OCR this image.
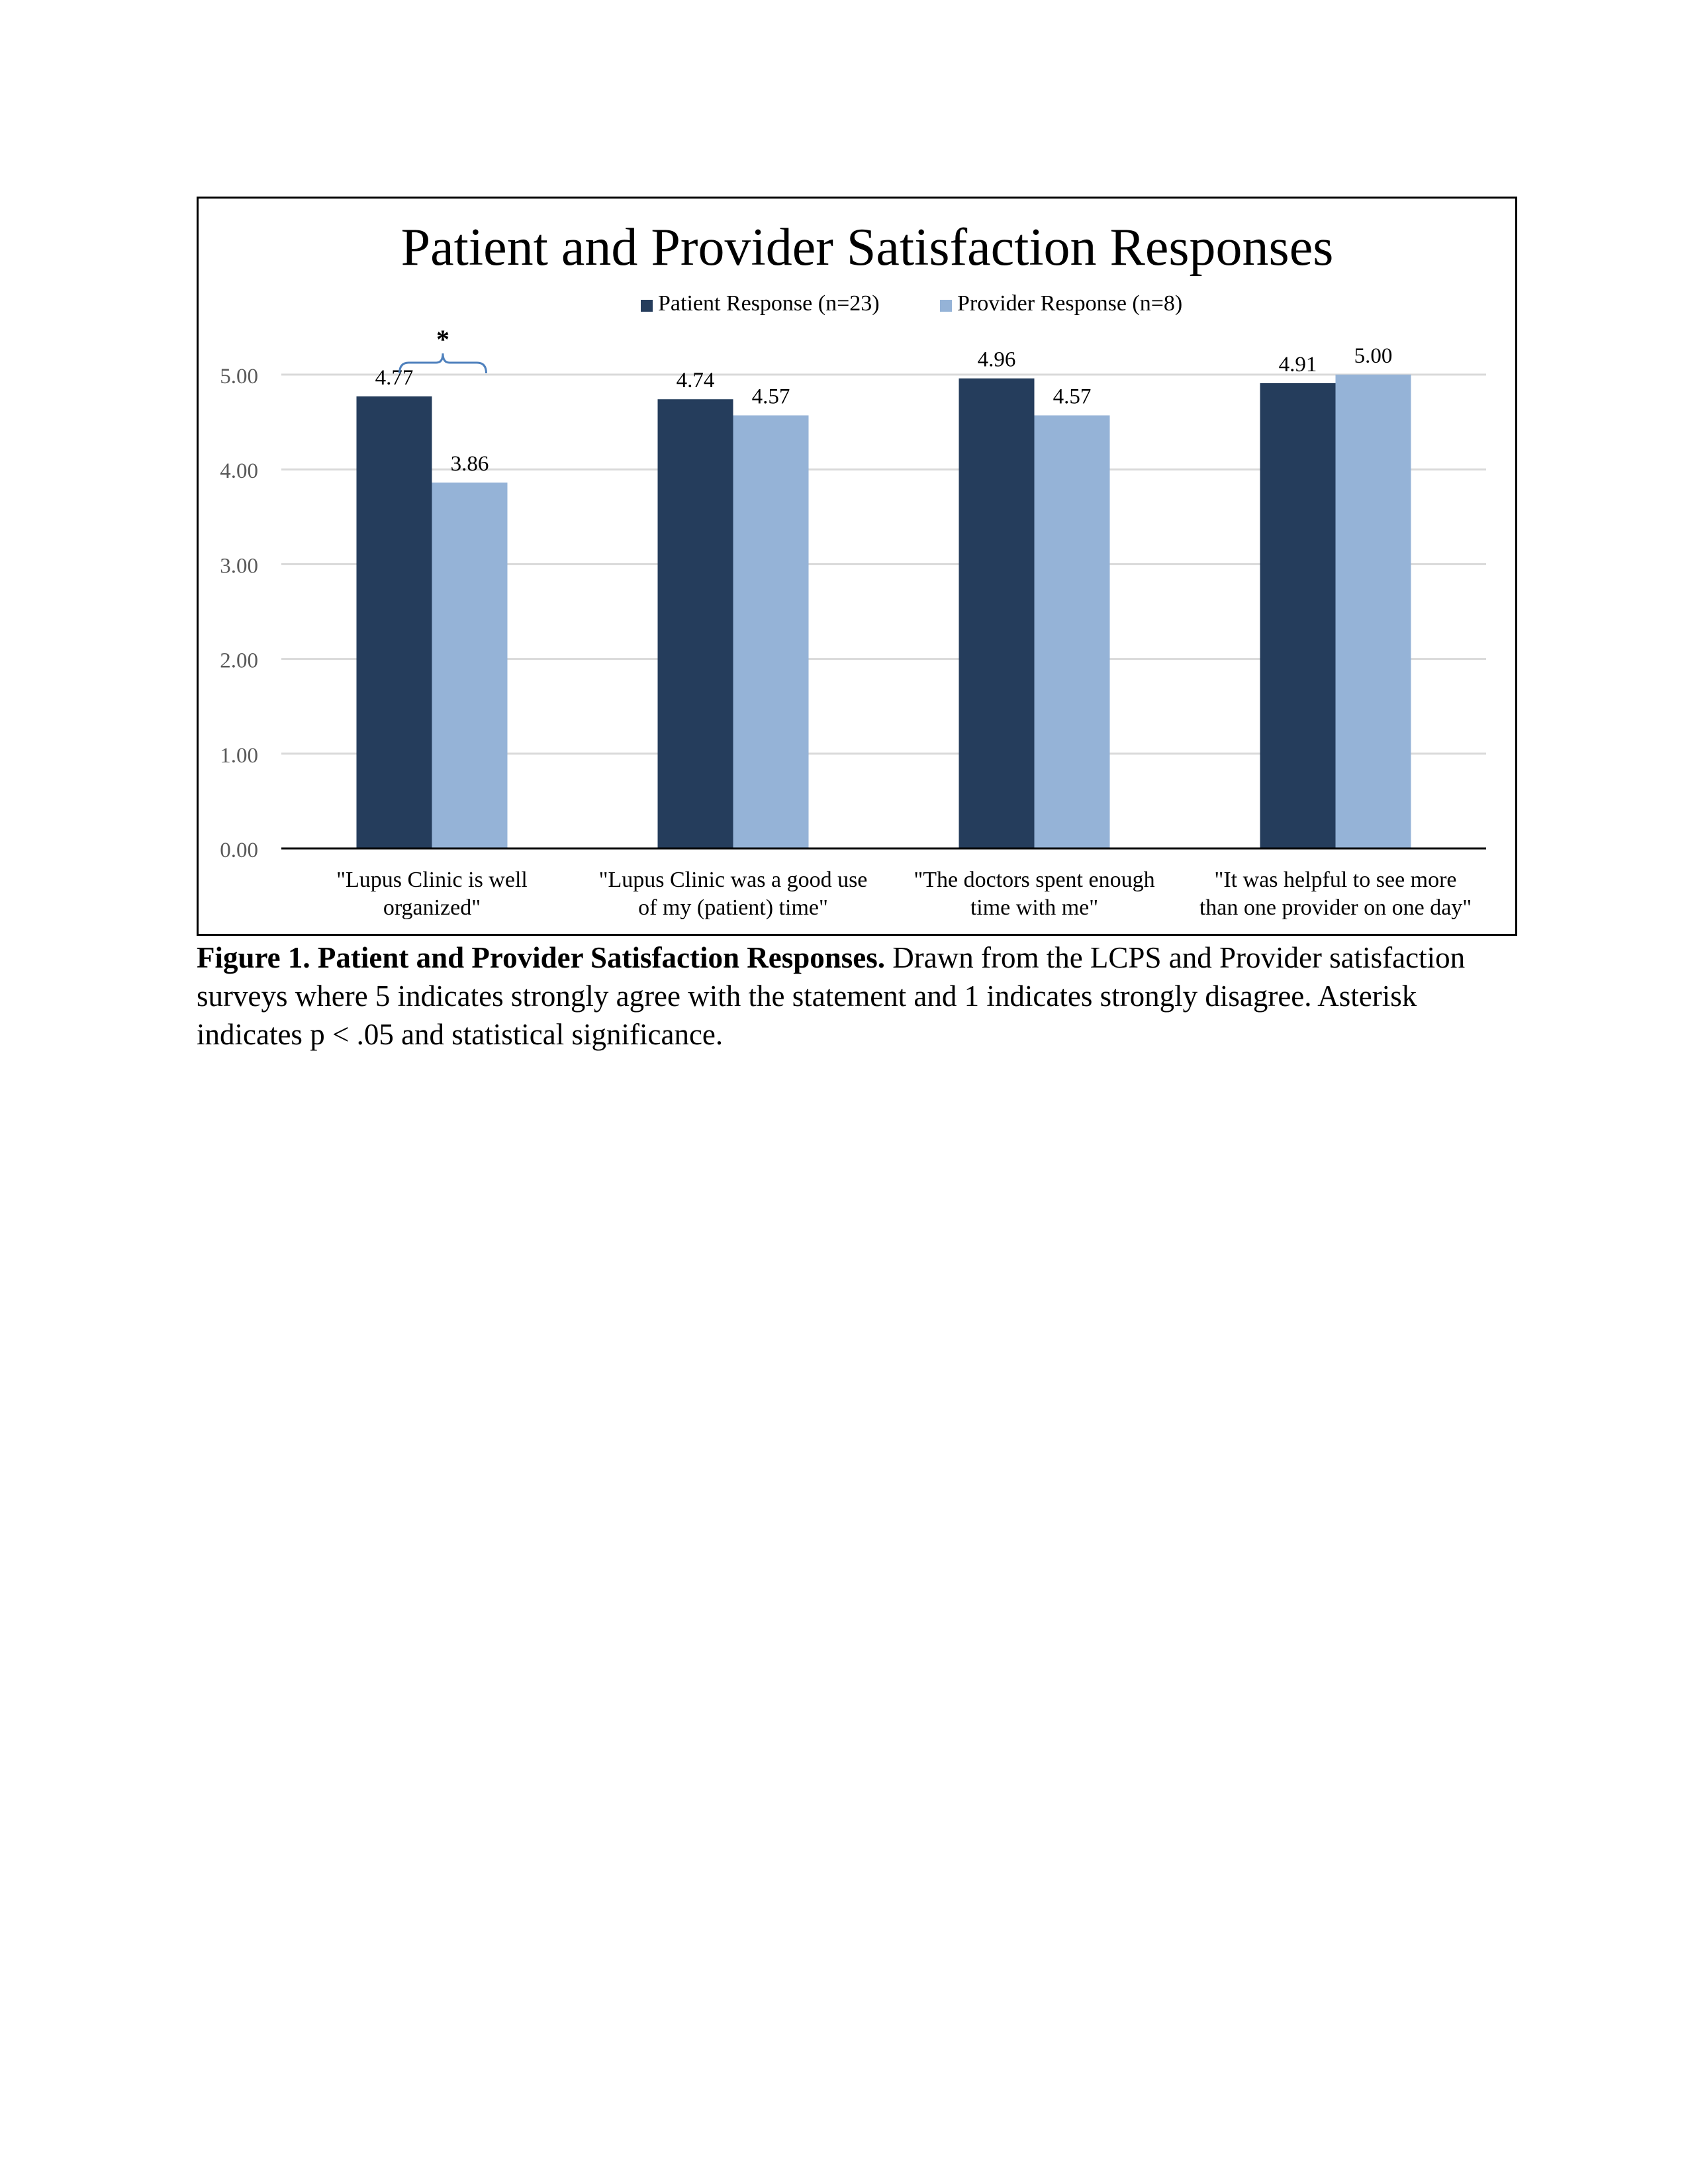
Patient and Provider Satisfaction Responses
0.00
1.00
2.00
3.00
4.00
5.00	4.77
3.86
4.74
4.57
4.96
4.57
4.91 5.00
"Lupus Clinic is well
organized"
"Lupus Clinic was a good use
of my (patient) time"
"The doctors spent enough
time with me"
"It was helpful to see more
than one provider on one day"
Patient Response (n=23)	Provider Response (n=8)
*
Figure 1. Patient and Provider Satisfaction Responses. Drawn from the LCPS and Provider satisfaction surveys where 5 indicates strongly agree with the statement and 1 indicates strongly disagree. Asterisk indicates p < .05 and statistical significance.
